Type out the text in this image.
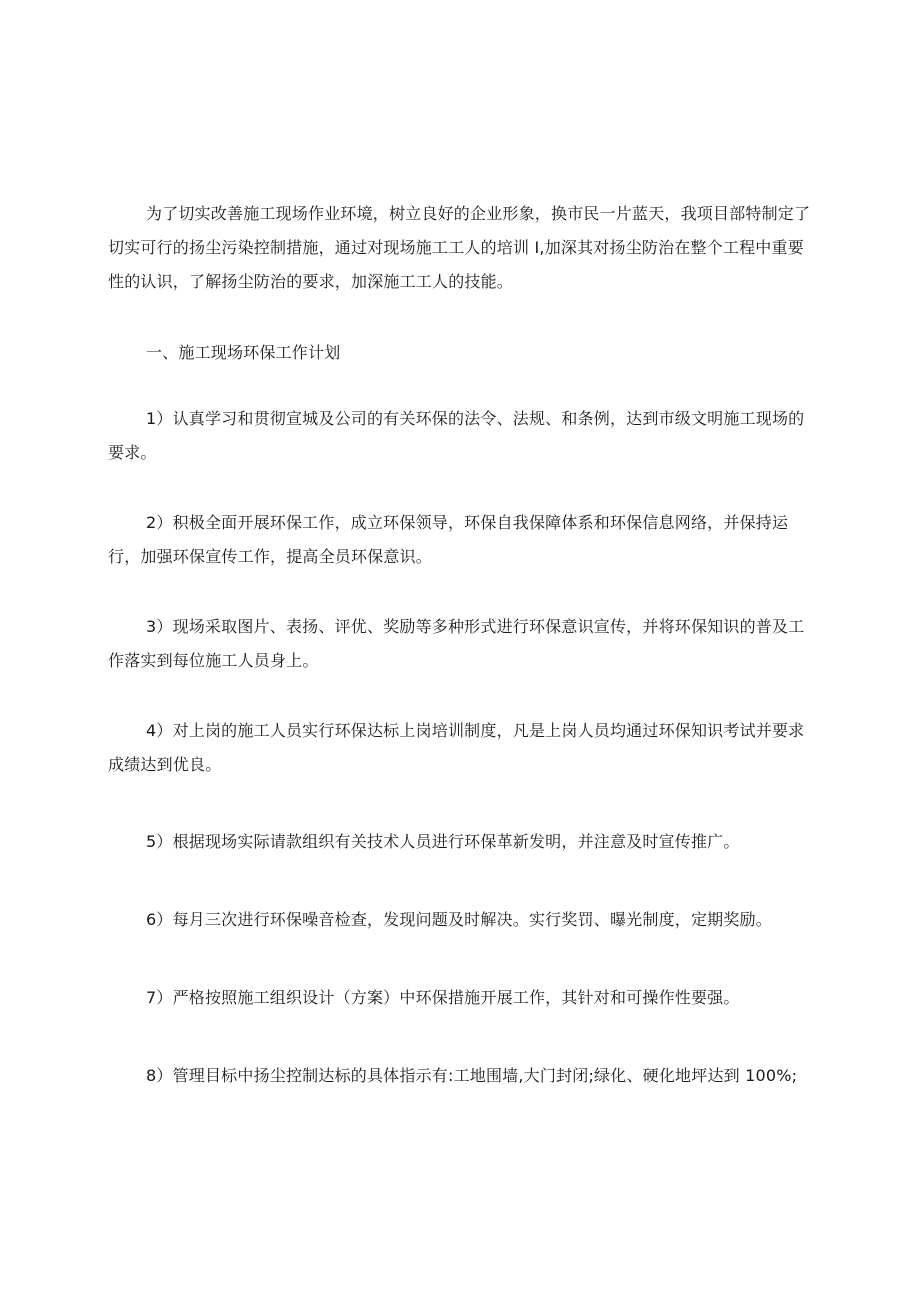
为了切实改善施工现场作业环境，树立良好的企业形象，换市民一片蓝天，我项目部特制定了切实可行的扬尘污染控制措施，通过对现场施工工人的培训 I,加深其对扬尘防治在整个工程中重要性的认识，了解扬尘防治的要求，加深施工工人的技能。

一、施工现场环保工作计划

1）认真学习和贯彻宣城及公司的有关环保的法令、法规、和条例，达到市级文明施工现场的要求。

2）积极全面开展环保工作，成立环保领导，环保自我保障体系和环保信息网络，并保持运行，加强环保宣传工作，提高全员环保意识。

3）现场采取图片、表扬、评优、奖励等多种形式进行环保意识宣传，并将环保知识的普及工作落实到每位施工人员身上。

4）对上岗的施工人员实行环保达标上岗培训制度，凡是上岗人员均通过环保知识考试并要求成绩达到优良。

5）根据现场实际请款组织有关技术人员进行环保革新发明，并注意及时宣传推广。

6）每月三次进行环保噪音检查，发现问题及时解决。实行奖罚、曝光制度，定期奖励。

7）严格按照施工组织设计（方案）中环保措施开展工作，其针对和可操作性要强。

8）管理目标中扬尘控制达标的具体指示有:工地围墙,大门封闭;绿化、硬化地坪达到 100%;
